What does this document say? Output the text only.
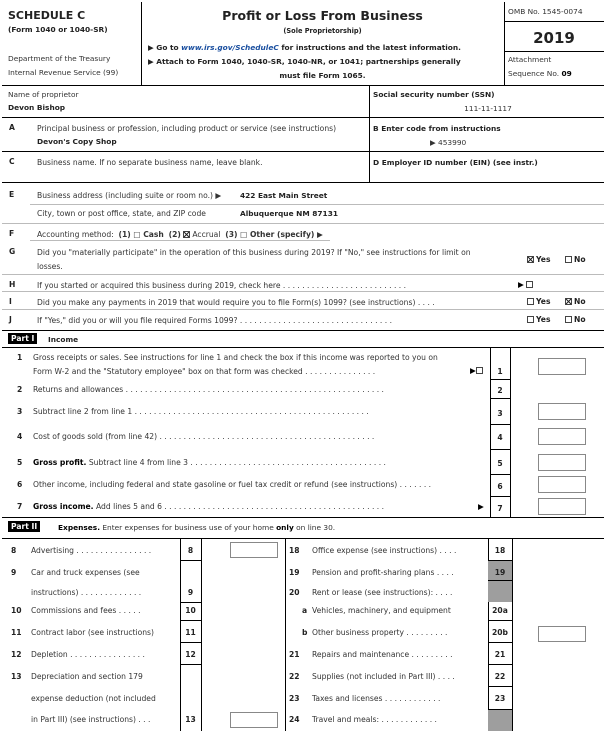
SCHEDULE C
(Form 1040 or 1040-SR)
Department of the Treasury
Internal Revenue Service (99)
Profit or Loss From Business
(Sole Proprietorship)
▶ Go to www.irs.gov/ScheduleC for instructions and the latest information.
▶ Attach to Form 1040, 1040-SR, 1040-NR, or 1041; partnerships generally
must file Form 1065.
OMB No. 1545-0074
2019
Attachment
Sequence No. 09
Name of proprietor
Devon Bishop
Social security number (SSN)
111-11-1117
A	Principal business or profession, including product or service (see instructions)
Devon's Copy Shop
B Enter code from instructions
▶ 453990
C	Business name. If no separate business name, leave blank.	D Employer ID number (EIN) (see instr.)
E	Business address (including suite or room no.) ▶	422 East Main Street
City, town or post office, state, and ZIP code	Albuquerque NM 87131
F	Accounting method: (1) □ Cash (2) Accrual (3) □ Other (specify) ▶
G	Did you "materially participate" in the operation of this business during 2019? If "No," see instructions for limit on
losses.
Yes	No
H	If you started or acquired this business during 2019, check here . . . . . . . . . . . . . . . . . . . . . . . . . .	▶
I	Did you make any payments in 2019 that would require you to file Form(s) 1099? (see instructions) . . . .	Yes	No
J	If "Yes," did you or will you file required Forms 1099? . . . . . . . . . . . . . . . . . . . . . . . . . . . . . . . .	Yes	No
Part I	Income
1 Gross receipts or sales. See instructions for line 1 and check the box if this income was reported to you on
Form W-2 and the "Statutory employee" box on that form was checked . . . . . . . . . . . . . . .	▶	1
2 Returns and allowances . . . . . . . . . . . . . . . . . . . . . . . . . . . . . . . . . . . . . . . . . . . . . . . . . . . . . .	2
3 Subtract line 2 from line 1 . . . . . . . . . . . . . . . . . . . . . . . . . . . . . . . . . . . . . . . . . . . . . . . . .	3
4 Cost of goods sold (from line 42) . . . . . . . . . . . . . . . . . . . . . . . . . . . . . . . . . . . . . . . . . . . . .	4
5 Gross profit. Subtract line 4 from line 3 . . . . . . . . . . . . . . . . . . . . . . . . . . . . . . . . . . . . . . . . .	5
6 Other income, including federal and state gasoline or fuel tax credit or refund (see instructions) . . . . . . .	6
7 Gross income. Add lines 5 and 6 . . . . . . . . . . . . . . . . . . . . . . . . . . . . . . . . . . . . . . . . . . . . . .	▶	7
Part II	Expenses. Enter expenses for business use of your home only on line 30.
8 Advertising . . . . . . . . . . . . . . . .	8
9 Car and truck expenses (see
instructions) . . . . . . . . . . . . .	9
10 Commissions and fees . . . . .	10
11 Contract labor (see instructions)	11
12 Depletion . . . . . . . . . . . . . . . .	12
13 Depreciation and section 179
expense deduction (not included
in Part III) (see instructions) . . .	13
18 Office expense (see instructions) . . . .	18
19 Pension and profit-sharing plans . . . .	19
20 Rent or lease (see instructions): . . . .
a Vehicles, machinery, and equipment	20a
b Other business property . . . . . . . . .	20b
21 Repairs and maintenance . . . . . . . . .	21
22 Supplies (not included in Part III) . . . .	22
23 Taxes and licenses . . . . . . . . . . . .	23
24 Travel and meals: . . . . . . . . . . . .
